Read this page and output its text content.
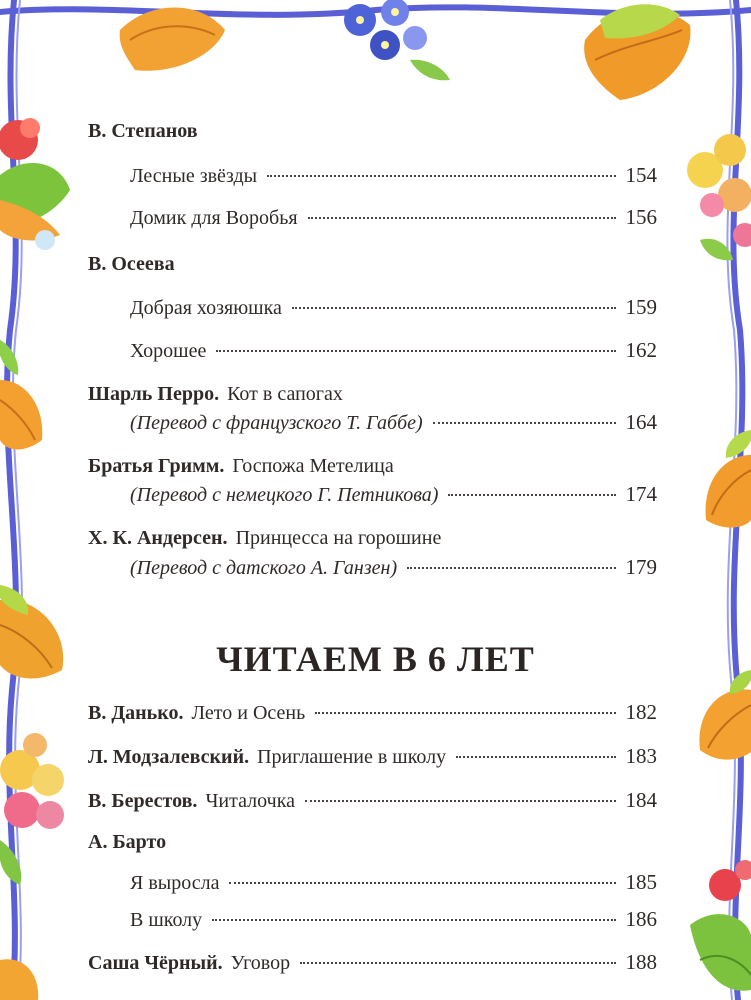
В. Степанов
Лесные звёзды	154
Домик для Воробья	156
В. Осеева
Добрая хозяюшка	159
Хорошее	162
Шарль Перро. Кот в сапогах
(Перевод с французского Т. Габбе)	164
Братья Гримм. Госпожа Метелица
(Перевод с немецкого Г. Петникова)	174
Х. К. Андерсен. Принцесса на горошине
(Перевод с датского А. Ганзен)	179
ЧИТАЕМ В 6 ЛЕТ
В. Данько. Лето и Осень	182
Л. Модзалевский. Приглашение в школу	183
В. Берестов. Читалочка	184
А. Барто
Я выросла	185
В школу	186
Саша Чёрный. Уговор	188
